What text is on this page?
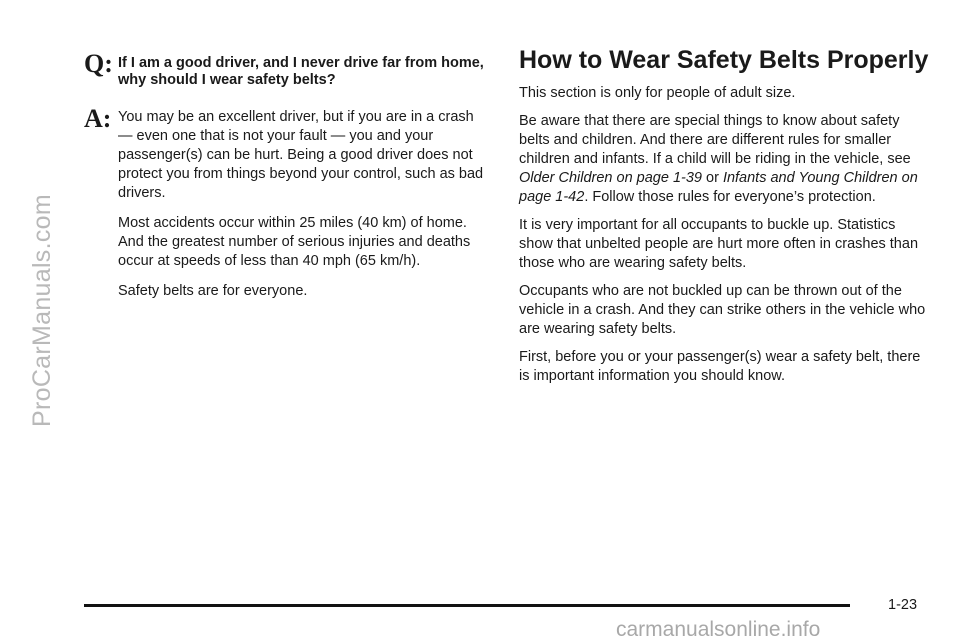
ProCarManuals.com
Q: If I am a good driver, and I never drive far from home, why should I wear safety belts?
A: You may be an excellent driver, but if you are in a crash — even one that is not your fault — you and your passenger(s) can be hurt. Being a good driver does not protect you from things beyond your control, such as bad drivers.

Most accidents occur within 25 miles (40 km) of home. And the greatest number of serious injuries and deaths occur at speeds of less than 40 mph (65 km/h).

Safety belts are for everyone.

How to Wear Safety Belts Properly

This section is only for people of adult size.

Be aware that there are special things to know about safety belts and children. And there are different rules for smaller children and infants. If a child will be riding in the vehicle, see Older Children on page 1-39 or Infants and Young Children on page 1-42. Follow those rules for everyone’s protection.

It is very important for all occupants to buckle up. Statistics show that unbelted people are hurt more often in crashes than those who are wearing safety belts.

Occupants who are not buckled up can be thrown out of the vehicle in a crash. And they can strike others in the vehicle who are wearing safety belts.

First, before you or your passenger(s) wear a safety belt, there is important information you should know.

1-23
carmanualsonline.info
